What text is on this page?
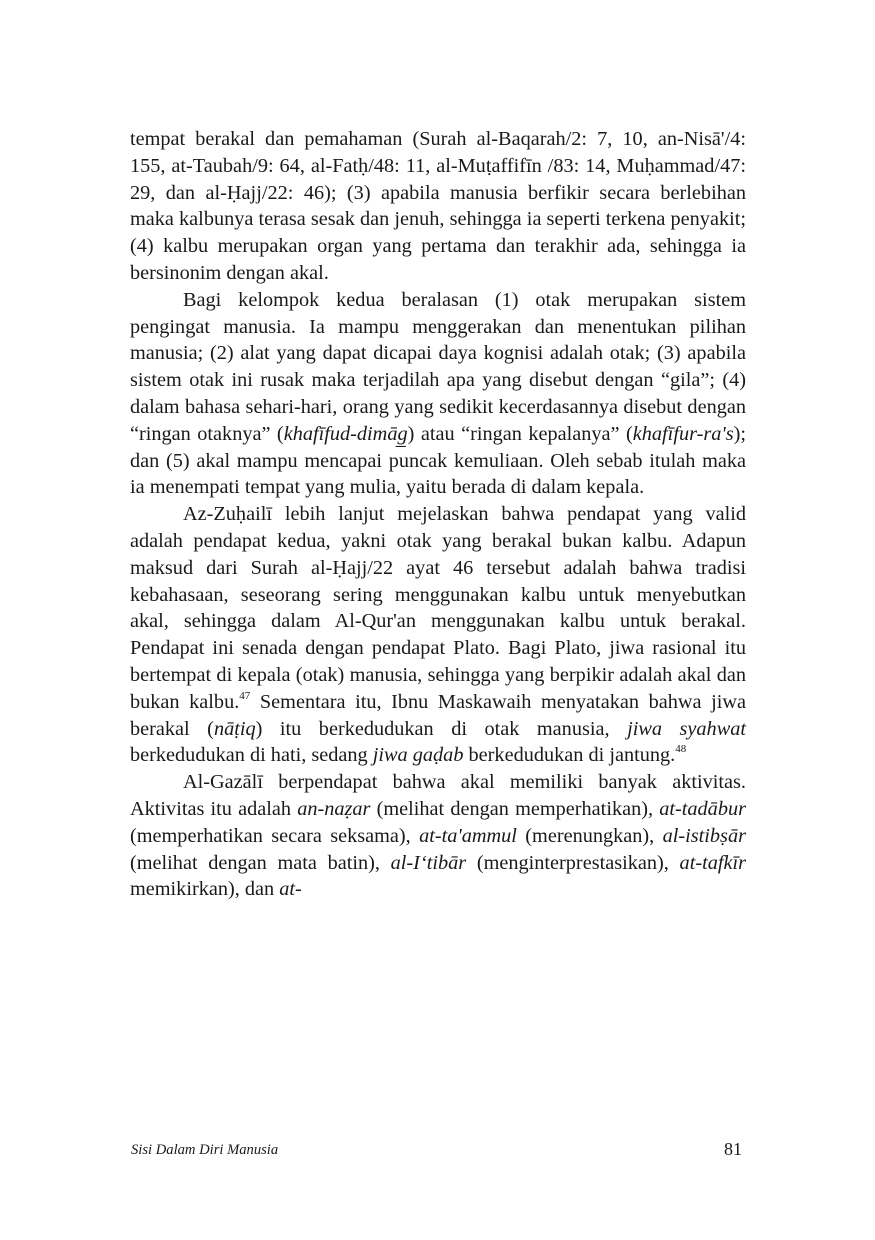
tempat berakal dan pemahaman (Surah al-Baqarah/2: 7, 10, an-Nisā'/4: 155, at-Taubah/9: 64, al-Fatḥ/48: 11, al-Muṭaffifīn /83: 14, Muḥammad/47: 29, dan al-Ḥajj/22: 46); (3) apabila manusia berfikir secara berlebihan maka kalbunya terasa sesak dan jenuh, sehingga ia seperti terkena penyakit; (4) kalbu merupakan organ yang pertama dan terakhir ada, sehingga ia bersinonim dengan akal.

Bagi kelompok kedua beralasan (1) otak merupakan sistem pengingat manusia. Ia mampu menggerakan dan menentukan pilihan manusia; (2) alat yang dapat dicapai daya kognisi adalah otak; (3) apabila sistem otak ini rusak maka terjadilah apa yang disebut dengan “gila”; (4) dalam bahasa sehari-hari, orang yang sedikit kecerdasannya disebut dengan “ringan otaknya” (khafīfud-dimāg̲) atau “ringan kepalanya” (khafīfur-ra's); dan (5) akal mampu mencapai puncak kemuliaan. Oleh sebab itulah maka ia menempati tempat yang mulia, yaitu berada di dalam kepala.

Az-Zuḥailī lebih lanjut mejelaskan bahwa pendapat yang valid adalah pendapat kedua, yakni otak yang berakal bukan kalbu. Adapun maksud dari Surah al-Ḥajj/22 ayat 46 tersebut adalah bahwa tradisi kebahasaan, seseorang sering menggunakan kalbu untuk menyebutkan akal, sehingga dalam Al-Qur'an menggunakan kalbu untuk berakal. Pendapat ini senada dengan pendapat Plato. Bagi Plato, jiwa rasional itu bertempat di kepala (otak) manusia, sehingga yang berpikir adalah akal dan bukan kalbu.$^{47}$ Sementara itu, Ibnu Maskawaih menyatakan bahwa jiwa berakal (nāṭiq) itu berkedudukan di otak manusia, jiwa syahwat berkedudukan di hati, sedang jiwa gaḍab berkedudukan di jantung.$^{48}$

Al-Gazālī berpendapat bahwa akal memiliki banyak aktivitas. Aktivitas itu adalah an-naẓar (melihat dengan memperhatikan), at-tadābur (memperhatikan secara seksama), at-ta'ammul (merenungkan), al-istibṣār (melihat dengan mata batin), al-I‘tibār (menginterprestasikan), at-tafkīr memikirkan), dan at-

Sisi Dalam Diri Manusia	81
